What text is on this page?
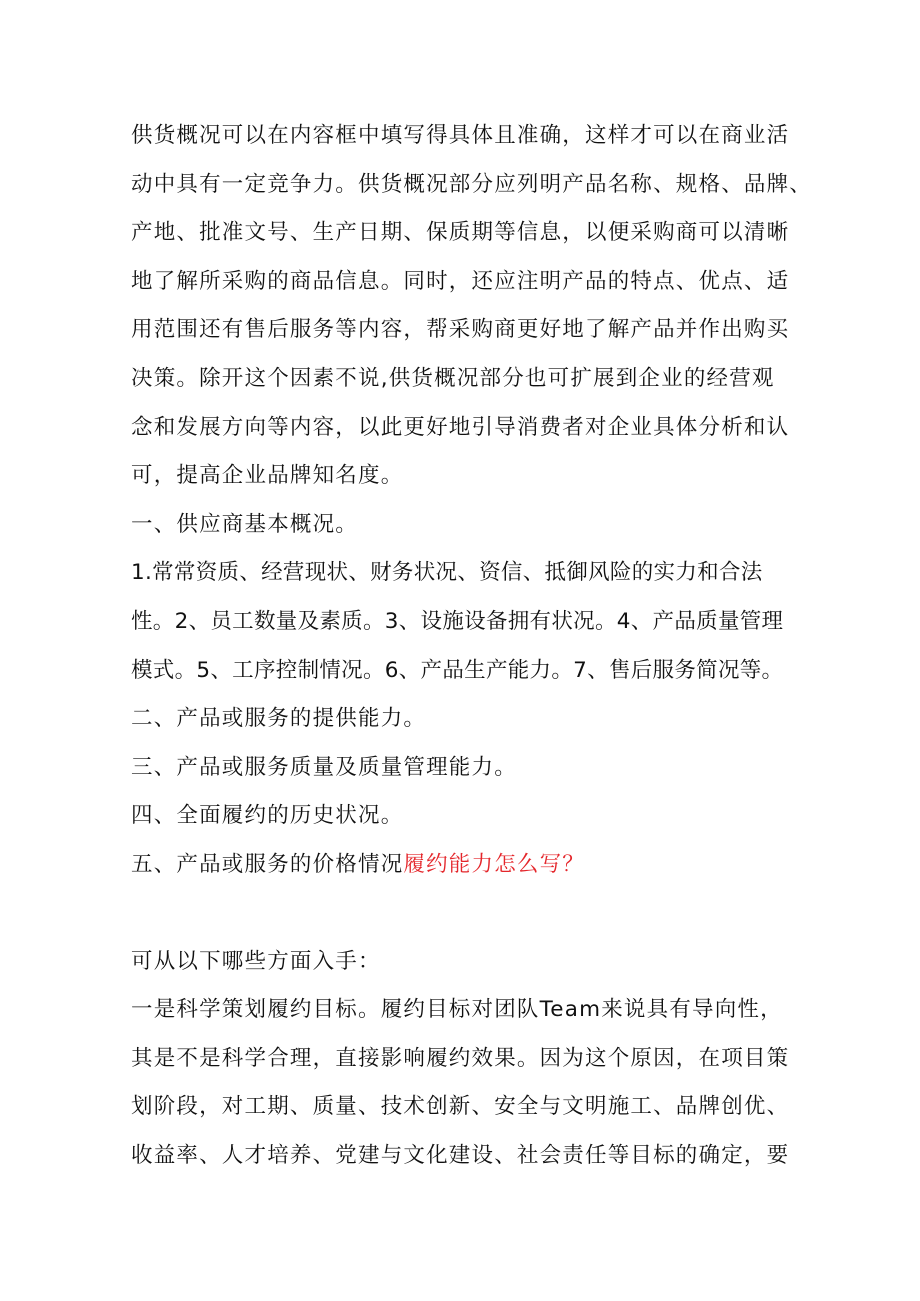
供货概况可以在内容框中填写得具体且准确，这样才可以在商业活
动中具有一定竞争力。供货概况部分应列明产品名称、规格、品牌、
产地、批准文号、生产日期、保质期等信息，以便采购商可以清晰
地了解所采购的商品信息。同时，还应注明产品的特点、优点、适
用范围还有售后服务等内容，帮采购商更好地了解产品并作出购买
决策。除开这个因素不说,供货概况部分也可扩展到企业的经营观
念和发展方向等内容，以此更好地引导消费者对企业具体分析和认
可，提高企业品牌知名度。
一、供应商基本概况。
1.常常资质、经营现状、财务状况、资信、抵御风险的实力和合法
性。2、员工数量及素质。3、设施设备拥有状况。4、产品质量管理
模式。5、工序控制情况。6、产品生产能力。7、售后服务简况等。
二、产品或服务的提供能力。
三、产品或服务质量及质量管理能力。
四、全面履约的历史状况。
五、产品或服务的价格情况履约能力怎么写？
可从以下哪些方面入手：
一是科学策划履约目标。履约目标对团队Team来说具有导向性，
其是不是科学合理，直接影响履约效果。因为这个原因，在项目策
划阶段，对工期、质量、技术创新、安全与文明施工、品牌创优、
收益率、人才培养、党建与文化建设、社会责任等目标的确定，要
